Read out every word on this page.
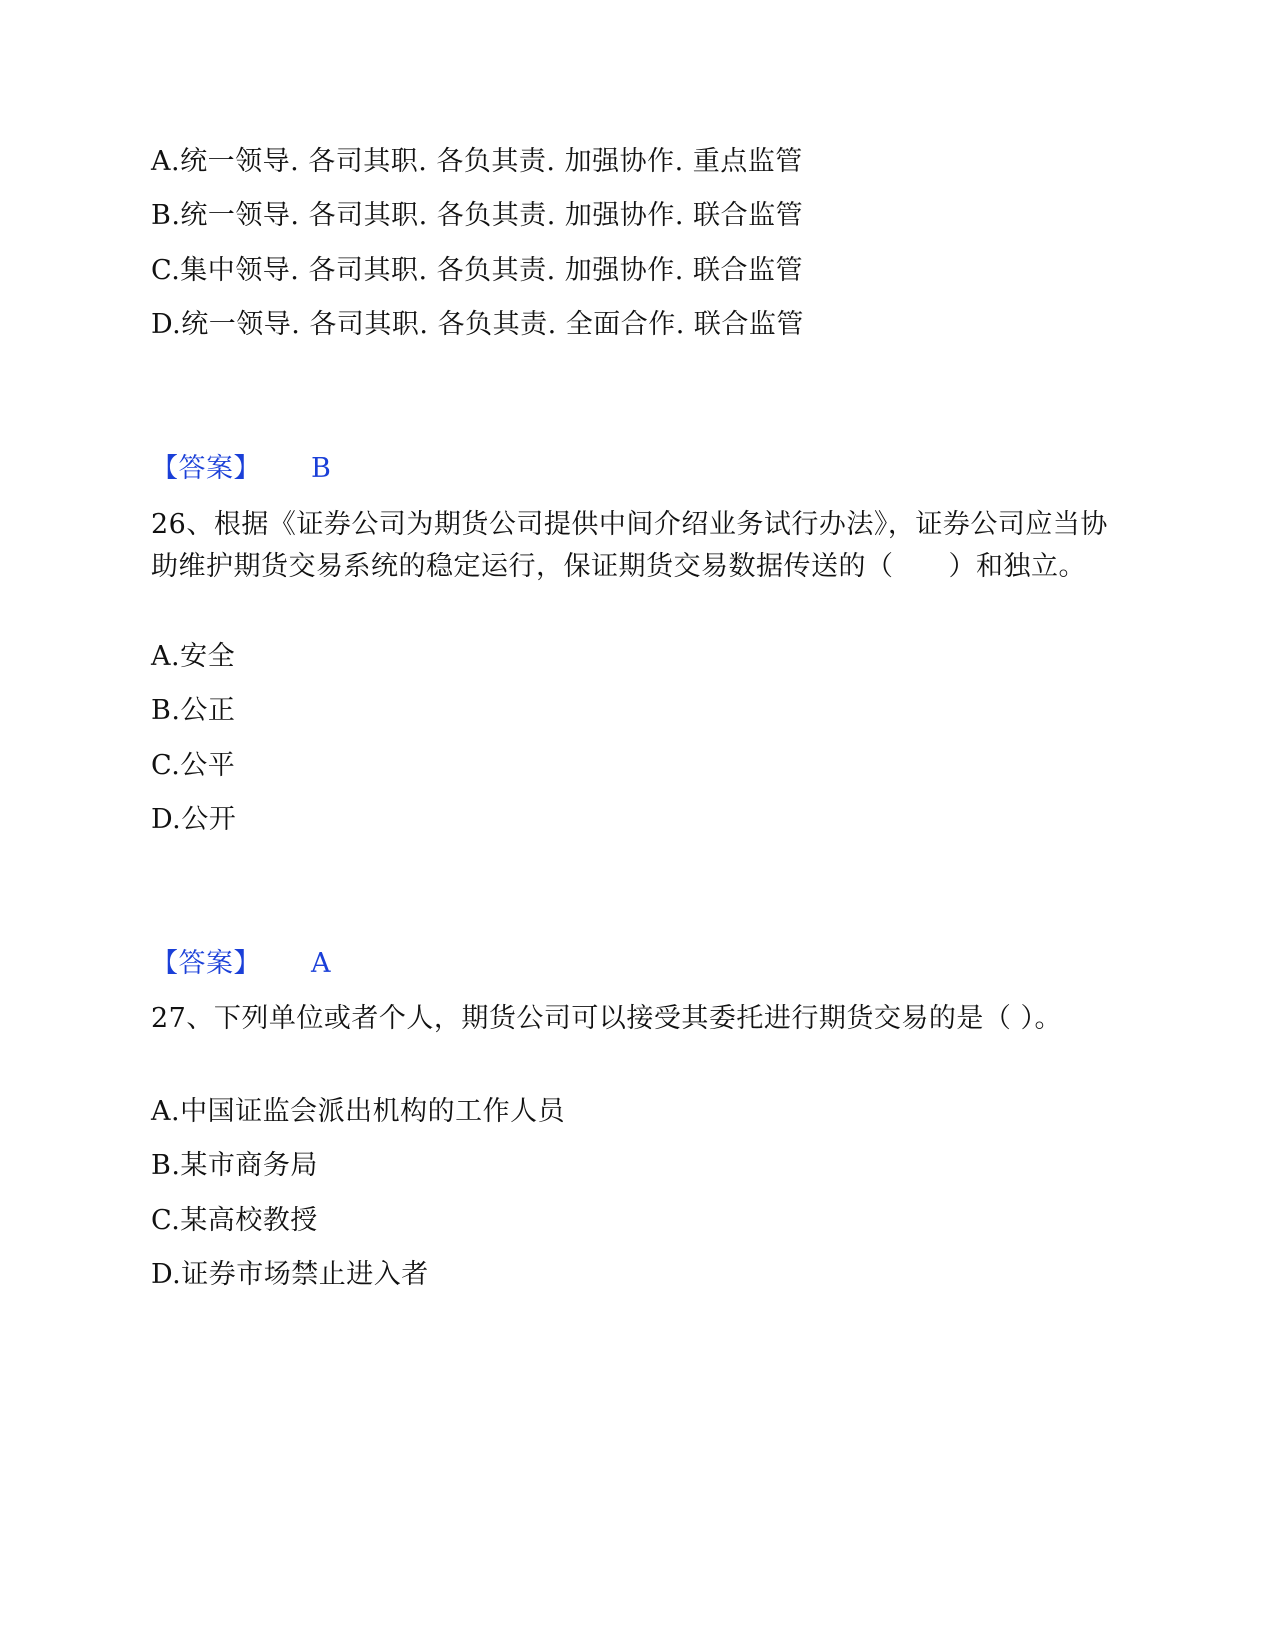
A.统一领导. 各司其职. 各负其责. 加强协作. 重点监管
B.统一领导. 各司其职. 各负其责. 加强协作. 联合监管
C.集中领导. 各司其职. 各负其责. 加强协作. 联合监管
D.统一领导. 各司其职. 各负其责. 全面合作. 联合监管
【答案】 B
26、根据《证券公司为期货公司提供中间介绍业务试行办法》，证券公司应当协助维护期货交易系统的稳定运行，保证期货交易数据传送的（　　）和独立。
A.安全
B.公正
C.公平
D.公开
【答案】 A
27、下列单位或者个人，期货公司可以接受其委托进行期货交易的是（ ）。
A.中国证监会派出机构的工作人员
B.某市商务局
C.某高校教授
D.证券市场禁止进入者
